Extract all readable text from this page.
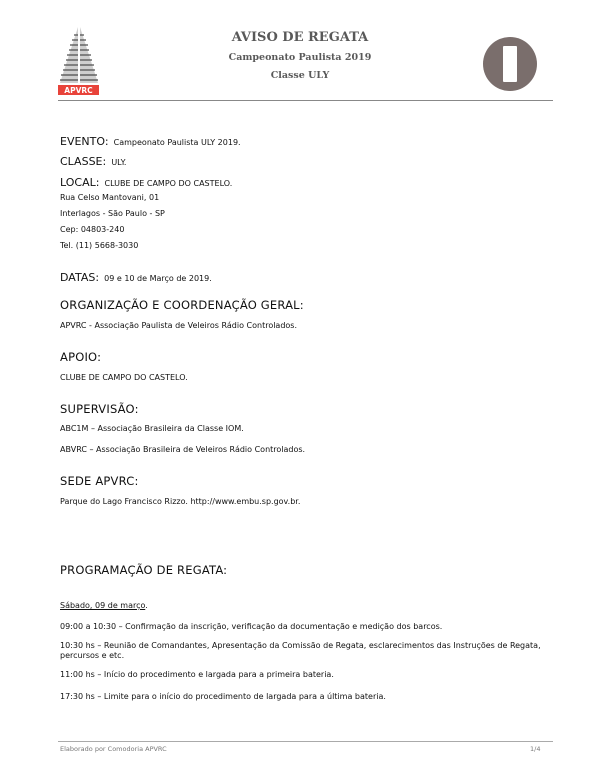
APVRC
AVISO DE REGATA
Campeonato Paulista 2019
Classe ULY
EVENTO: Campeonato Paulista ULY 2019.
CLASSE: ULY.
LOCAL: CLUBE DE CAMPO DO CASTELO.
Rua Celso Mantovani, 01
Interlagos - São Paulo - SP
Cep: 04803-240
Tel. (11) 5668-3030
DATAS: 09 e 10 de Março de 2019.
ORGANIZAÇÃO E COORDENAÇÃO GERAL:
APVRC - Associação Paulista de Veleiros Rádio Controlados.
APOIO:
CLUBE DE CAMPO DO CASTELO.
SUPERVISÃO:
ABC1M – Associação Brasileira da Classe IOM.
ABVRC – Associação Brasileira de Veleiros Rádio Controlados.
SEDE APVRC:
Parque do Lago Francisco Rizzo. http://www.embu.sp.gov.br.
PROGRAMAÇÃO DE REGATA:
Sábado, 09 de março.
09:00 a 10:30 – Confirmação da inscrição, verificação da documentação e medição dos barcos.
10:30 hs – Reunião de Comandantes, Apresentação da Comissão de Regata, esclarecimentos das Instruções de Regata, percursos e etc.
11:00 hs – Início do procedimento e largada para a primeira bateria.
17:30 hs – Limite para o início do procedimento de largada para a última bateria.
Elaborado por Comodoria APVRC	1/4
